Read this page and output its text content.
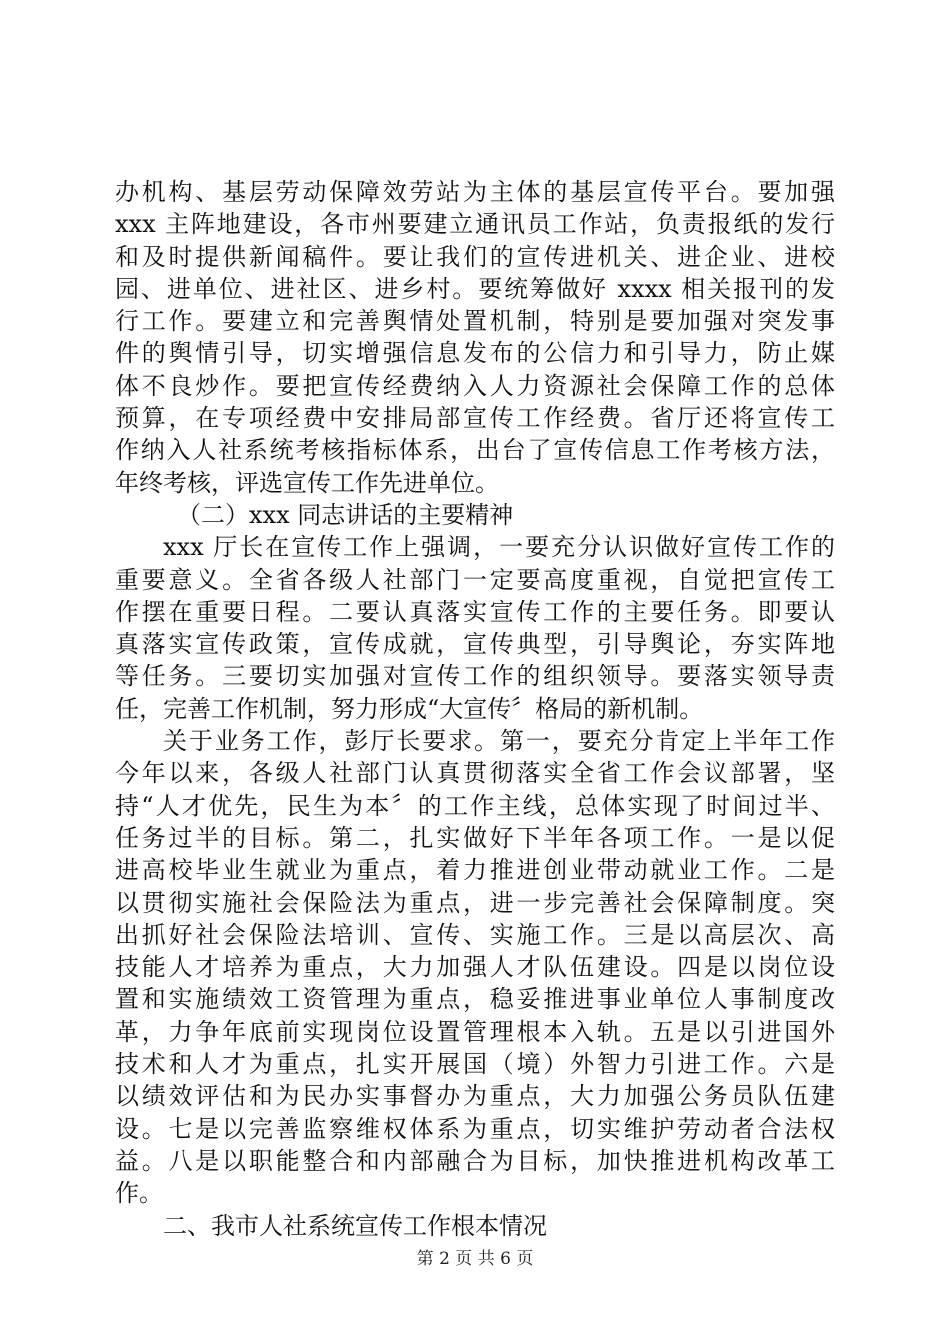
办机构、基层劳动保障效劳站为主体的基层宣传平台。要加强
xxx 主阵地建设，各市州要建立通讯员工作站，负责报纸的发行
和及时提供新闻稿件。要让我们的宣传进机关、进企业、进校
园、进单位、进社区、进乡村。要统筹做好 xxxx 相关报刊的发
行工作。要建立和完善舆情处置机制，特别是要加强对突发事
件的舆情引导，切实增强信息发布的公信力和引导力，防止媒
体不良炒作。要把宣传经费纳入人力资源社会保障工作的总体
预算，在专项经费中安排局部宣传工作经费。省厅还将宣传工
作纳入人社系统考核指标体系，出台了宣传信息工作考核方法，
年终考核，评选宣传工作先进单位。
（二）xxx 同志讲话的主要精神
xxx 厅长在宣传工作上强调，一要充分认识做好宣传工作的
重要意义。全省各级人社部门一定要高度重视，自觉把宣传工
作摆在重要日程。二要认真落实宣传工作的主要任务。即要认
真落实宣传政策，宣传成就，宣传典型，引导舆论，夯实阵地
等任务。三要切实加强对宣传工作的组织领导。要落实领导责
任，完善工作机制，努力形成“大宣传〞格局的新机制。
关于业务工作，彭厅长要求。第一，要充分肯定上半年工作
今年以来，各级人社部门认真贯彻落实全省工作会议部署，坚
持“人才优先，民生为本〞的工作主线，总体实现了时间过半、
任务过半的目标。第二，扎实做好下半年各项工作。一是以促
进高校毕业生就业为重点，着力推进创业带动就业工作。二是
以贯彻实施社会保险法为重点，进一步完善社会保障制度。突
出抓好社会保险法培训、宣传、实施工作。三是以高层次、高
技能人才培养为重点，大力加强人才队伍建设。四是以岗位设
置和实施绩效工资管理为重点，稳妥推进事业单位人事制度改
革，力争年底前实现岗位设置管理根本入轨。五是以引进国外
技术和人才为重点，扎实开展国（境）外智力引进工作。六是
以绩效评估和为民办实事督办为重点，大力加强公务员队伍建
设。七是以完善监察维权体系为重点，切实维护劳动者合法权
益。八是以职能整合和内部融合为目标，加快推进机构改革工
作。
二、我市人社系统宣传工作根本情况
第 2 页 共 6 页
